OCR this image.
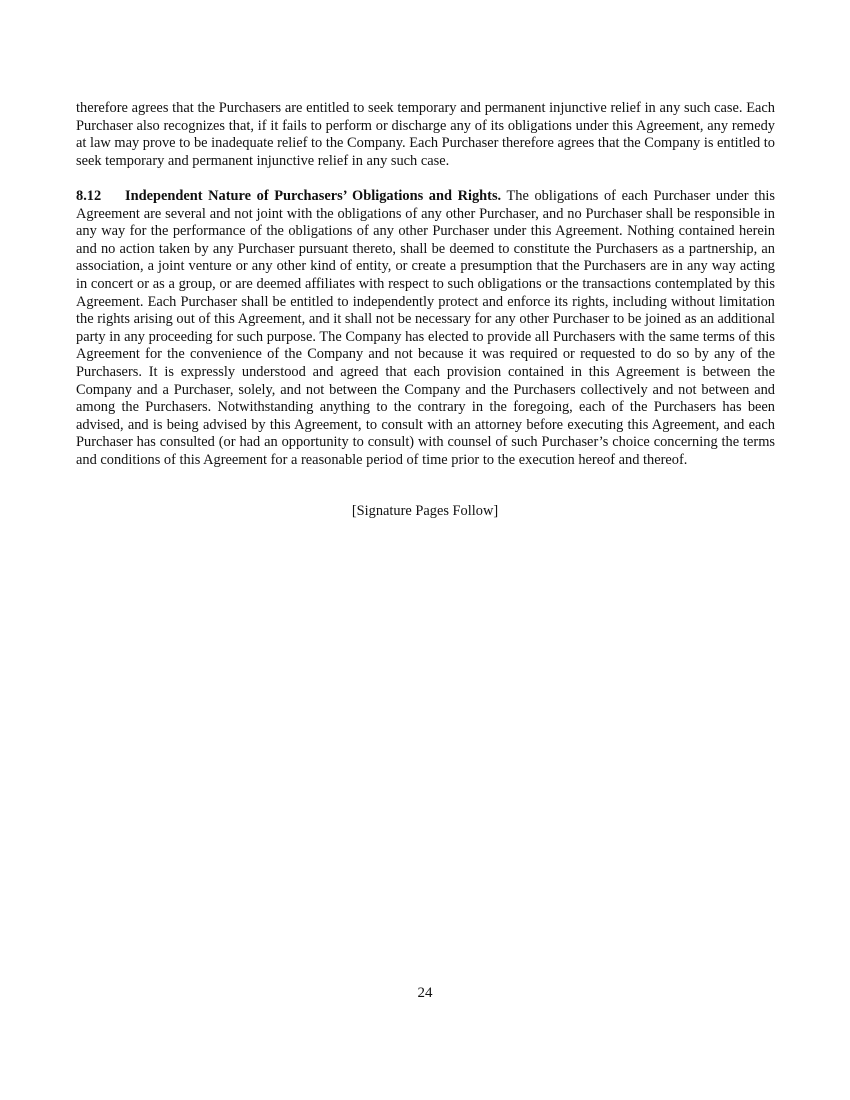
therefore agrees that the Purchasers are entitled to seek temporary and permanent injunctive relief in any such case. Each Purchaser also recognizes that, if it fails to perform or discharge any of its obligations under this Agreement, any remedy at law may prove to be inadequate relief to the Company. Each Purchaser therefore agrees that the Company is entitled to seek temporary and permanent injunctive relief in any such case.

8.12 Independent Nature of Purchasers’ Obligations and Rights. The obligations of each Purchaser under this Agreement are several and not joint with the obligations of any other Purchaser, and no Purchaser shall be responsible in any way for the performance of the obligations of any other Purchaser under this Agreement. Nothing contained herein and no action taken by any Purchaser pursuant thereto, shall be deemed to constitute the Purchasers as a partnership, an association, a joint venture or any other kind of entity, or create a presumption that the Purchasers are in any way acting in concert or as a group, or are deemed affiliates with respect to such obligations or the transactions contemplated by this Agreement. Each Purchaser shall be entitled to independently protect and enforce its rights, including without limitation the rights arising out of this Agreement, and it shall not be necessary for any other Purchaser to be joined as an additional party in any proceeding for such purpose. The Company has elected to provide all Purchasers with the same terms of this Agreement for the convenience of the Company and not because it was required or requested to do so by any of the Purchasers. It is expressly understood and agreed that each provision contained in this Agreement is between the Company and a Purchaser, solely, and not between the Company and the Purchasers collectively and not between and among the Purchasers. Notwithstanding anything to the contrary in the foregoing, each of the Purchasers has been advised, and is being advised by this Agreement, to consult with an attorney before executing this Agreement, and each Purchaser has consulted (or had an opportunity to consult) with counsel of such Purchaser’s choice concerning the terms and conditions of this Agreement for a reasonable period of time prior to the execution hereof and thereof.

[Signature Pages Follow]

24
